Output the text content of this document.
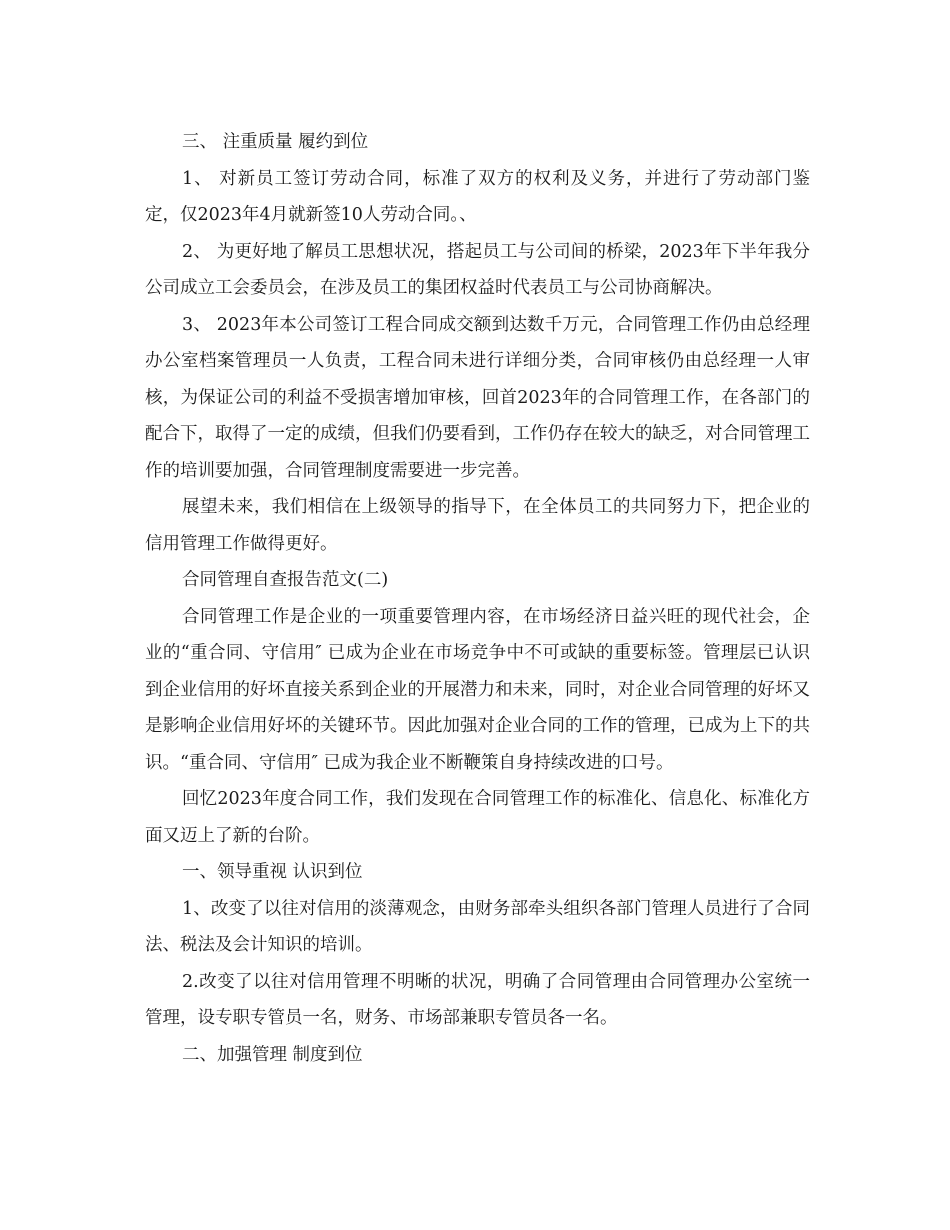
三、 注重质量 履约到位

1、 对新员工签订劳动合同，标准了双方的权利及义务，并进行了劳动部门鉴定，仅2023年4月就新签10人劳动合同。、

2、 为更好地了解员工思想状况，搭起员工与公司间的桥梁，2023年下半年我分公司成立工会委员会，在涉及员工的集团权益时代表员工与公司协商解决。

3、 2023年本公司签订工程合同成交额到达数千万元，合同管理工作仍由总经理办公室档案管理员一人负责，工程合同未进行详细分类，合同审核仍由总经理一人审核，为保证公司的利益不受损害增加审核，回首2023年的合同管理工作，在各部门的配合下，取得了一定的成绩，但我们仍要看到，工作仍存在较大的缺乏，对合同管理工作的培训要加强，合同管理制度需要进一步完善。

展望未来，我们相信在上级领导的指导下，在全体员工的共同努力下，把企业的信用管理工作做得更好。

合同管理自查报告范文(二)

合同管理工作是企业的一项重要管理内容，在市场经济日益兴旺的现代社会，企业的“重合同、守信用″ 已成为企业在市场竞争中不可或缺的重要标签。管理层已认识到企业信用的好坏直接关系到企业的开展潜力和未来，同时，对企业合同管理的好坏又是影响企业信用好坏的关键环节。因此加强对企业合同的工作的管理，已成为上下的共识。“重合同、守信用″ 已成为我企业不断鞭策自身持续改进的口号。

回忆2023年度合同工作，我们发现在合同管理工作的标准化、信息化、标准化方面又迈上了新的台阶。

一、领导重视 认识到位

1、改变了以往对信用的淡薄观念，由财务部牵头组织各部门管理人员进行了合同法、税法及会计知识的培训。

2.改变了以往对信用管理不明晰的状况，明确了合同管理由合同管理办公室统一管理，设专职专管员一名，财务、市场部兼职专管员各一名。

二、加强管理 制度到位
